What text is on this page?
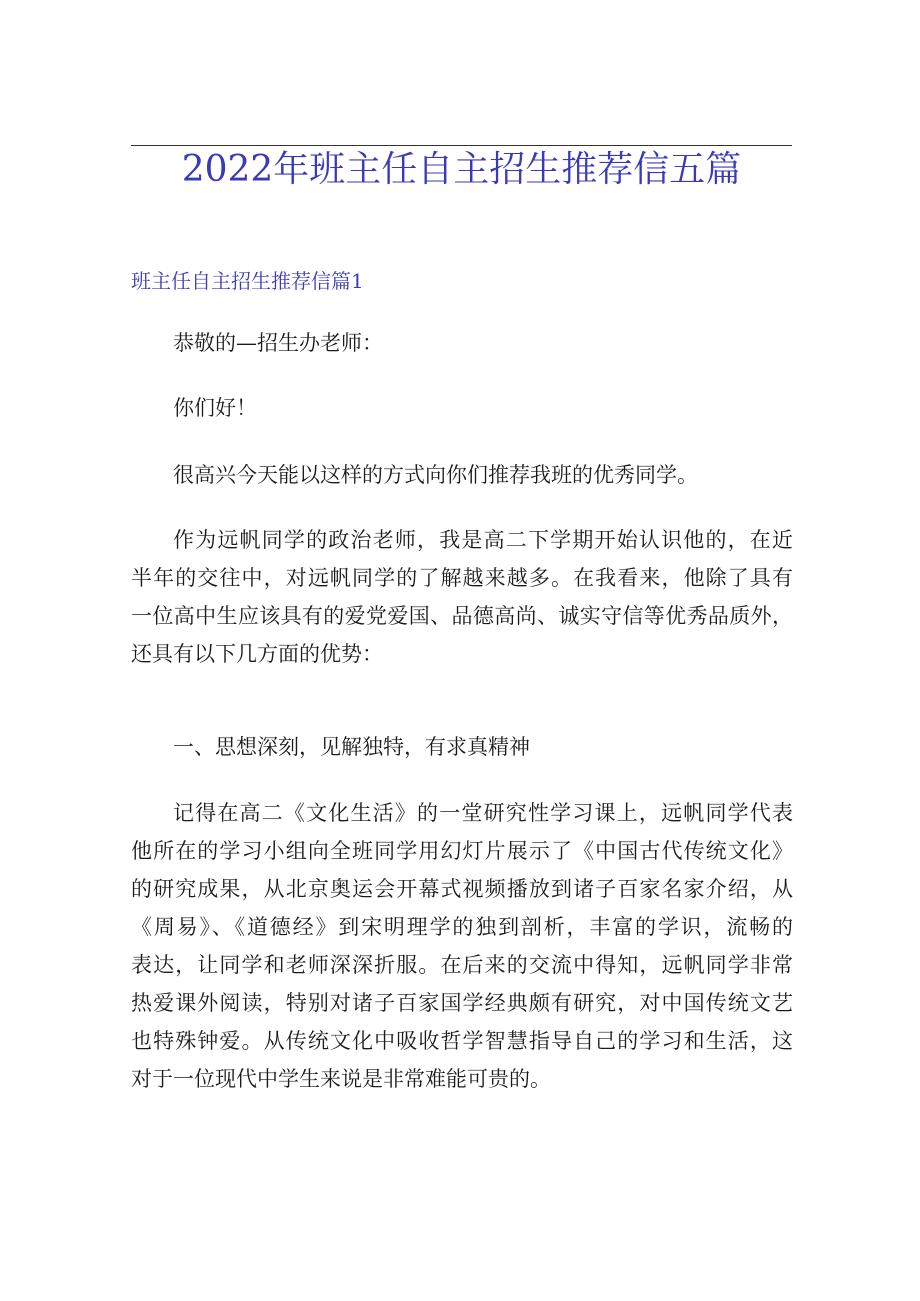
2022年班主任自主招生推荐信五篇
班主任自主招生推荐信篇1
恭敬的—招生办老师：
你们好！
很高兴今天能以这样的方式向你们推荐我班的优秀同学。
作为远帆同学的政治老师，我是高二下学期开始认识他的，在近
半年的交往中，对远帆同学的了解越来越多。在我看来，他除了具有
一位高中生应该具有的爱党爱国、品德高尚、诚实守信等优秀品质外，
还具有以下几方面的优势：
一、思想深刻，见解独特，有求真精神
记得在高二《文化生活》的一堂研究性学习课上，远帆同学代表
他所在的学习小组向全班同学用幻灯片展示了《中国古代传统文化》
的研究成果，从北京奥运会开幕式视频播放到诸子百家名家介绍，从
《周易》、《道德经》到宋明理学的独到剖析，丰富的学识，流畅的
表达，让同学和老师深深折服。在后来的交流中得知，远帆同学非常
热爱课外阅读，特别对诸子百家国学经典颇有研究，对中国传统文艺
也特殊钟爱。从传统文化中吸收哲学智慧指导自己的学习和生活，这
对于一位现代中学生来说是非常难能可贵的。
